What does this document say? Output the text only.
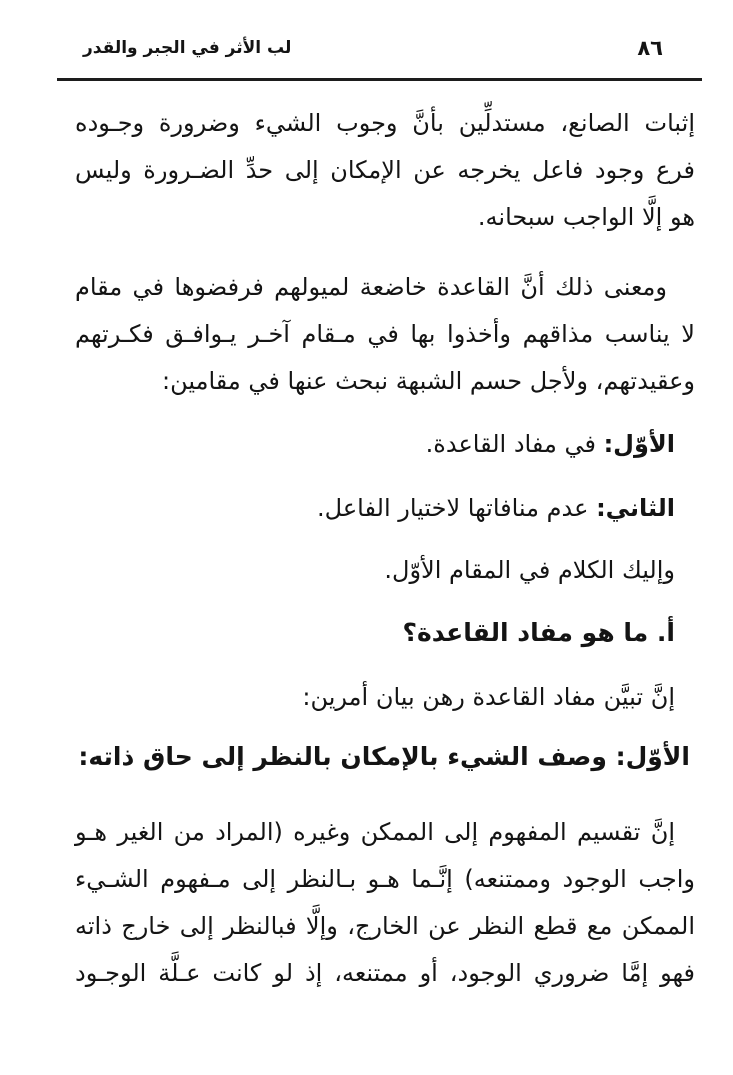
٨٦
لب الأثر في الجبر والقدر
إثبات الصانع، مستدلِّين بأنَّ وجوب الشيء وضرورة وجـوده
فرع وجود فاعل يخرجه عن الإمكان إلى حدِّ الضـرورة وليس
هو إلَّا الواجب سبحانه.
ومعنى ذلك أنَّ القاعدة خاضعة لميولهم فرفضوها في مقام
لا يناسب مذاقهم وأخذوا بها في مـقام آخـر يـوافـق فكـرتهم
وعقيدتهم، ولأجل حسم الشبهة نبحث عنها في مقامين:
الأوّل: في مفاد القاعدة.
الثاني: عدم منافاتها لاختيار الفاعل.
وإليك الكلام في المقام الأوّل.
أ. ما هو مفاد القاعدة؟
إنَّ تبيَّن مفاد القاعدة رهن بيان أمرين:
الأوّل: وصف الشيء بالإمكان بالنظر إلى حاق ذاته:
إنَّ تقسيم المفهوم إلى الممكن وغيره (المراد من الغير هـو
واجب الوجود وممتنعه) إنَّـما هـو بـالنظر إلى مـفهوم الشـيء
الممكن مع قطع النظر عن الخارج، وإلَّا فبالنظر إلى خارج ذاته
فهو إمَّا ضروري الوجود، أو ممتنعه، إذ لو كانت عـلَّة الوجـود
